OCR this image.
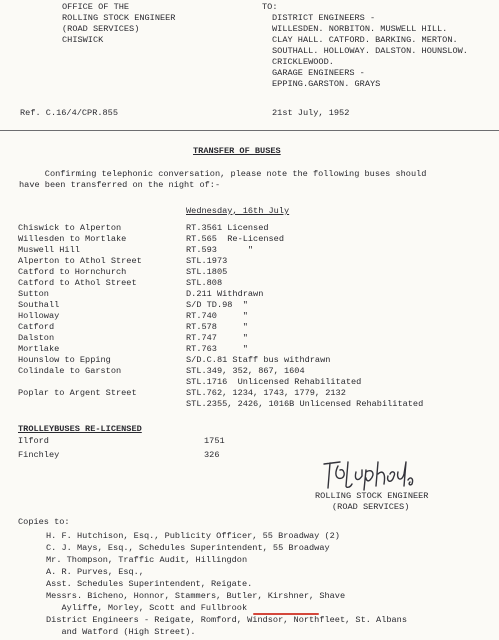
OFFICE OF THE
ROLLING STOCK ENGINEER
(ROAD SERVICES)
CHISWICK
TO:
DISTRICT ENGINEERS -
WILLESDEN. NORBITON. MUSWELL HILL.
CLAY HALL. CATFORD. BARKING. MERTON.
SOUTHALL. HOLLOWAY. DALSTON. HOUNSLOW.
CRICKLEWOOD.
GARAGE ENGINEERS -
EPPING.GARSTON. GRAYS
Ref. C.16/4/CPR.855	21st July, 1952
TRANSFER OF BUSES
Confirming telephonic conversation, please note the following buses should
have been transferred on the night of:-
Wednesday, 16th July
Chiswick to Alperton	RT.3561 Licensed
Willesden to Mortlake	RT.565  Re-Licensed
Muswell Hill	RT.593      "
Alperton to Athol Street	STL.1973
Catford to Hornchurch	STL.1805
Catford to Athol Street	STL.808
Sutton	D.211 Withdrawn
Southall	S/D TD.98  "
Holloway	RT.740     "
Catford	RT.578     "
Dalston	RT.747     "
Mortlake	RT.763     "
Hounslow to Epping	S/D.C.81 Staff bus withdrawn
Colindale to Garston	STL.349, 352, 867, 1604
STL.1716  Unlicensed Rehabilitated
Poplar to Argent Street	STL.762, 1234, 1743, 1779, 2132
STL.2355, 2426, 1016B Unlicensed Rehabilitated
TROLLEYBUSES RE-LICENSED
Ilford	1751
Finchley	326
ROLLING STOCK ENGINEER
(ROAD SERVICES)
Copies to:
H. F. Hutchison, Esq., Publicity Officer, 55 Broadway (2)
C. J. Mays, Esq., Schedules Superintendent, 55 Broadway
Mr. Thompson, Traffic Audit, Hillingdon
A. R. Purves, Esq.,
Asst. Schedules Superintendent, Reigate.
Messrs. Bicheno, Honnor, Stammers, Butler, Kirshner, Shave
Ayliffe, Morley, Scott and Fullbrook
District Engineers - Reigate, Romford, Windsor, Northfleet, St. Albans
and Watford (High Street).
